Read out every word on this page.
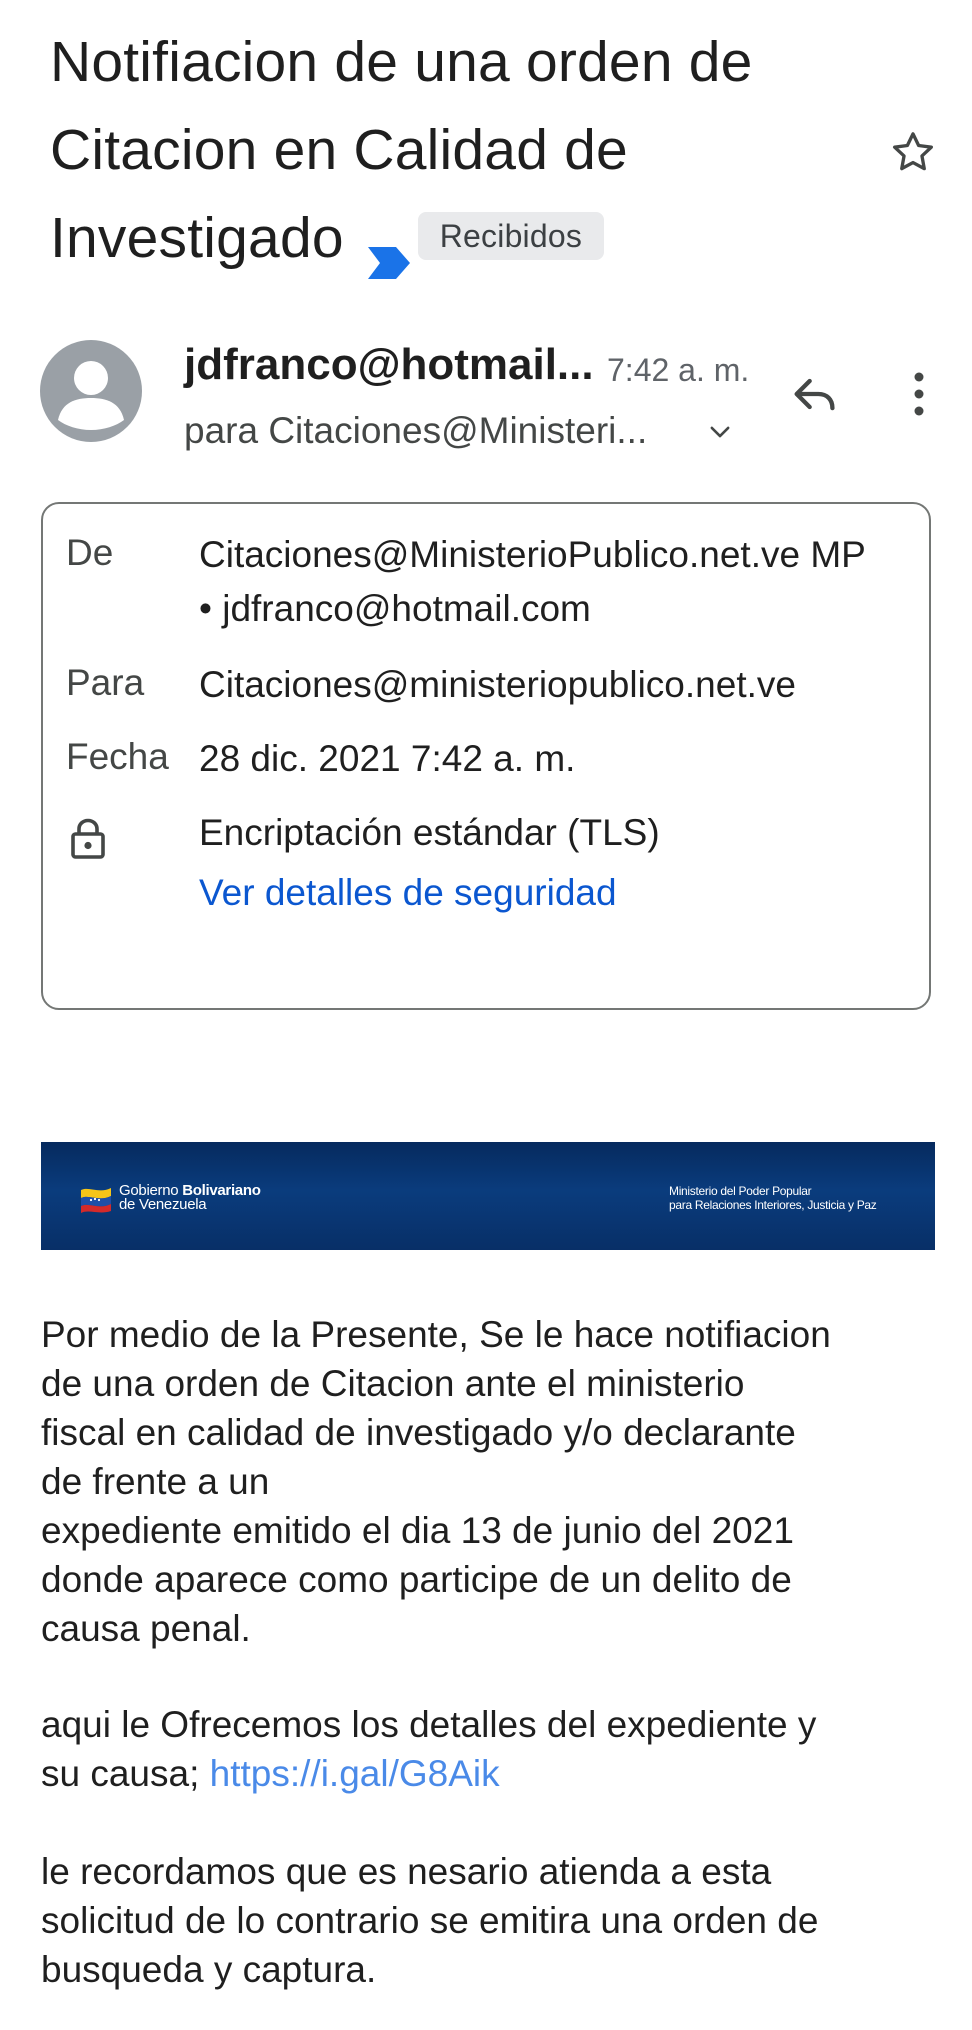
Notifiacion de una orden de Citacion en Calidad de Investigado	Recibidos
jdfranco@hotmail... 7:42 a. m.
para Citaciones@Ministeri...
De Citaciones@MinisterioPublico.net.ve MP
• jdfranco@hotmail.com
Para Citaciones@ministeriopublico.net.ve
Fecha 28 dic. 2021 7:42 a. m.
Encriptación estándar (TLS)
Ver detalles de seguridad
Gobierno Bolivariano
de Venezuela
Ministerio del Poder Popular
para Relaciones Interiores, Justicia y Paz
Por medio de la Presente, Se le hace notifiacion
de una orden de Citacion ante el ministerio
fiscal en calidad de investigado y/o declarante
de frente a un
expediente emitido el dia 13 de junio del 2021
donde aparece como participe de un delito de
causa penal.
aqui le Ofrecemos los detalles del expediente y
su causa; https://i.gal/G8Aik
le recordamos que es nesario atienda a esta
solicitud de lo contrario se emitira una orden de
busqueda y captura.
